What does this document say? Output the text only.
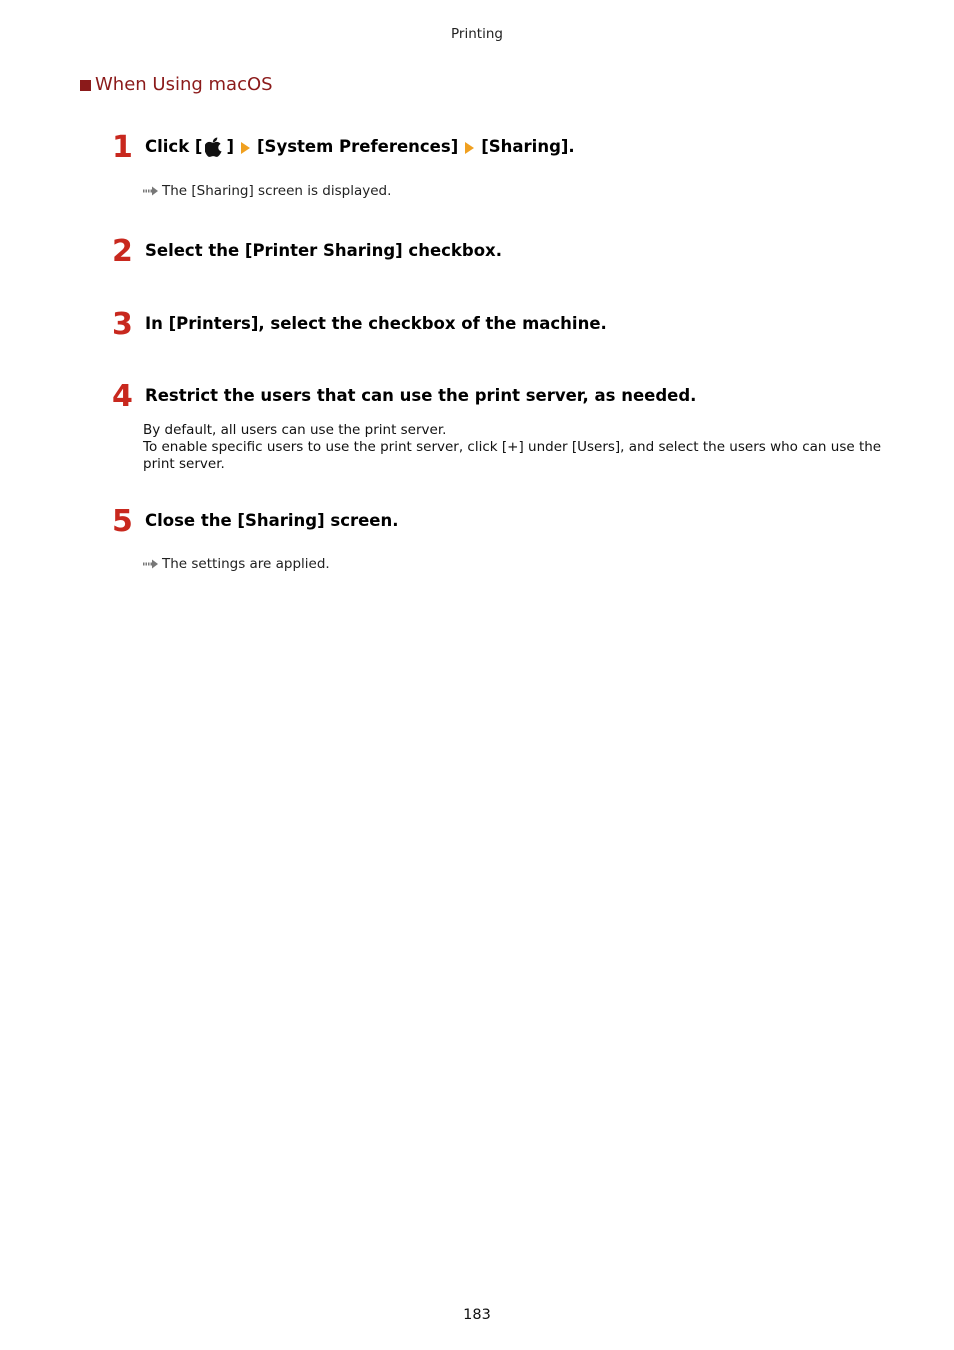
Printing
When Using macOS
1 Click [ ] [System Preferences] [Sharing].
The [Sharing] screen is displayed.
2 Select the [Printer Sharing] checkbox.
3 In [Printers], select the checkbox of the machine.
4 Restrict the users that can use the print server, as needed.
By default, all users can use the print server.
To enable specific users to use the print server, click [+] under [Users], and select the users who can use the print server.
5 Close the [Sharing] screen.
The settings are applied.
183
